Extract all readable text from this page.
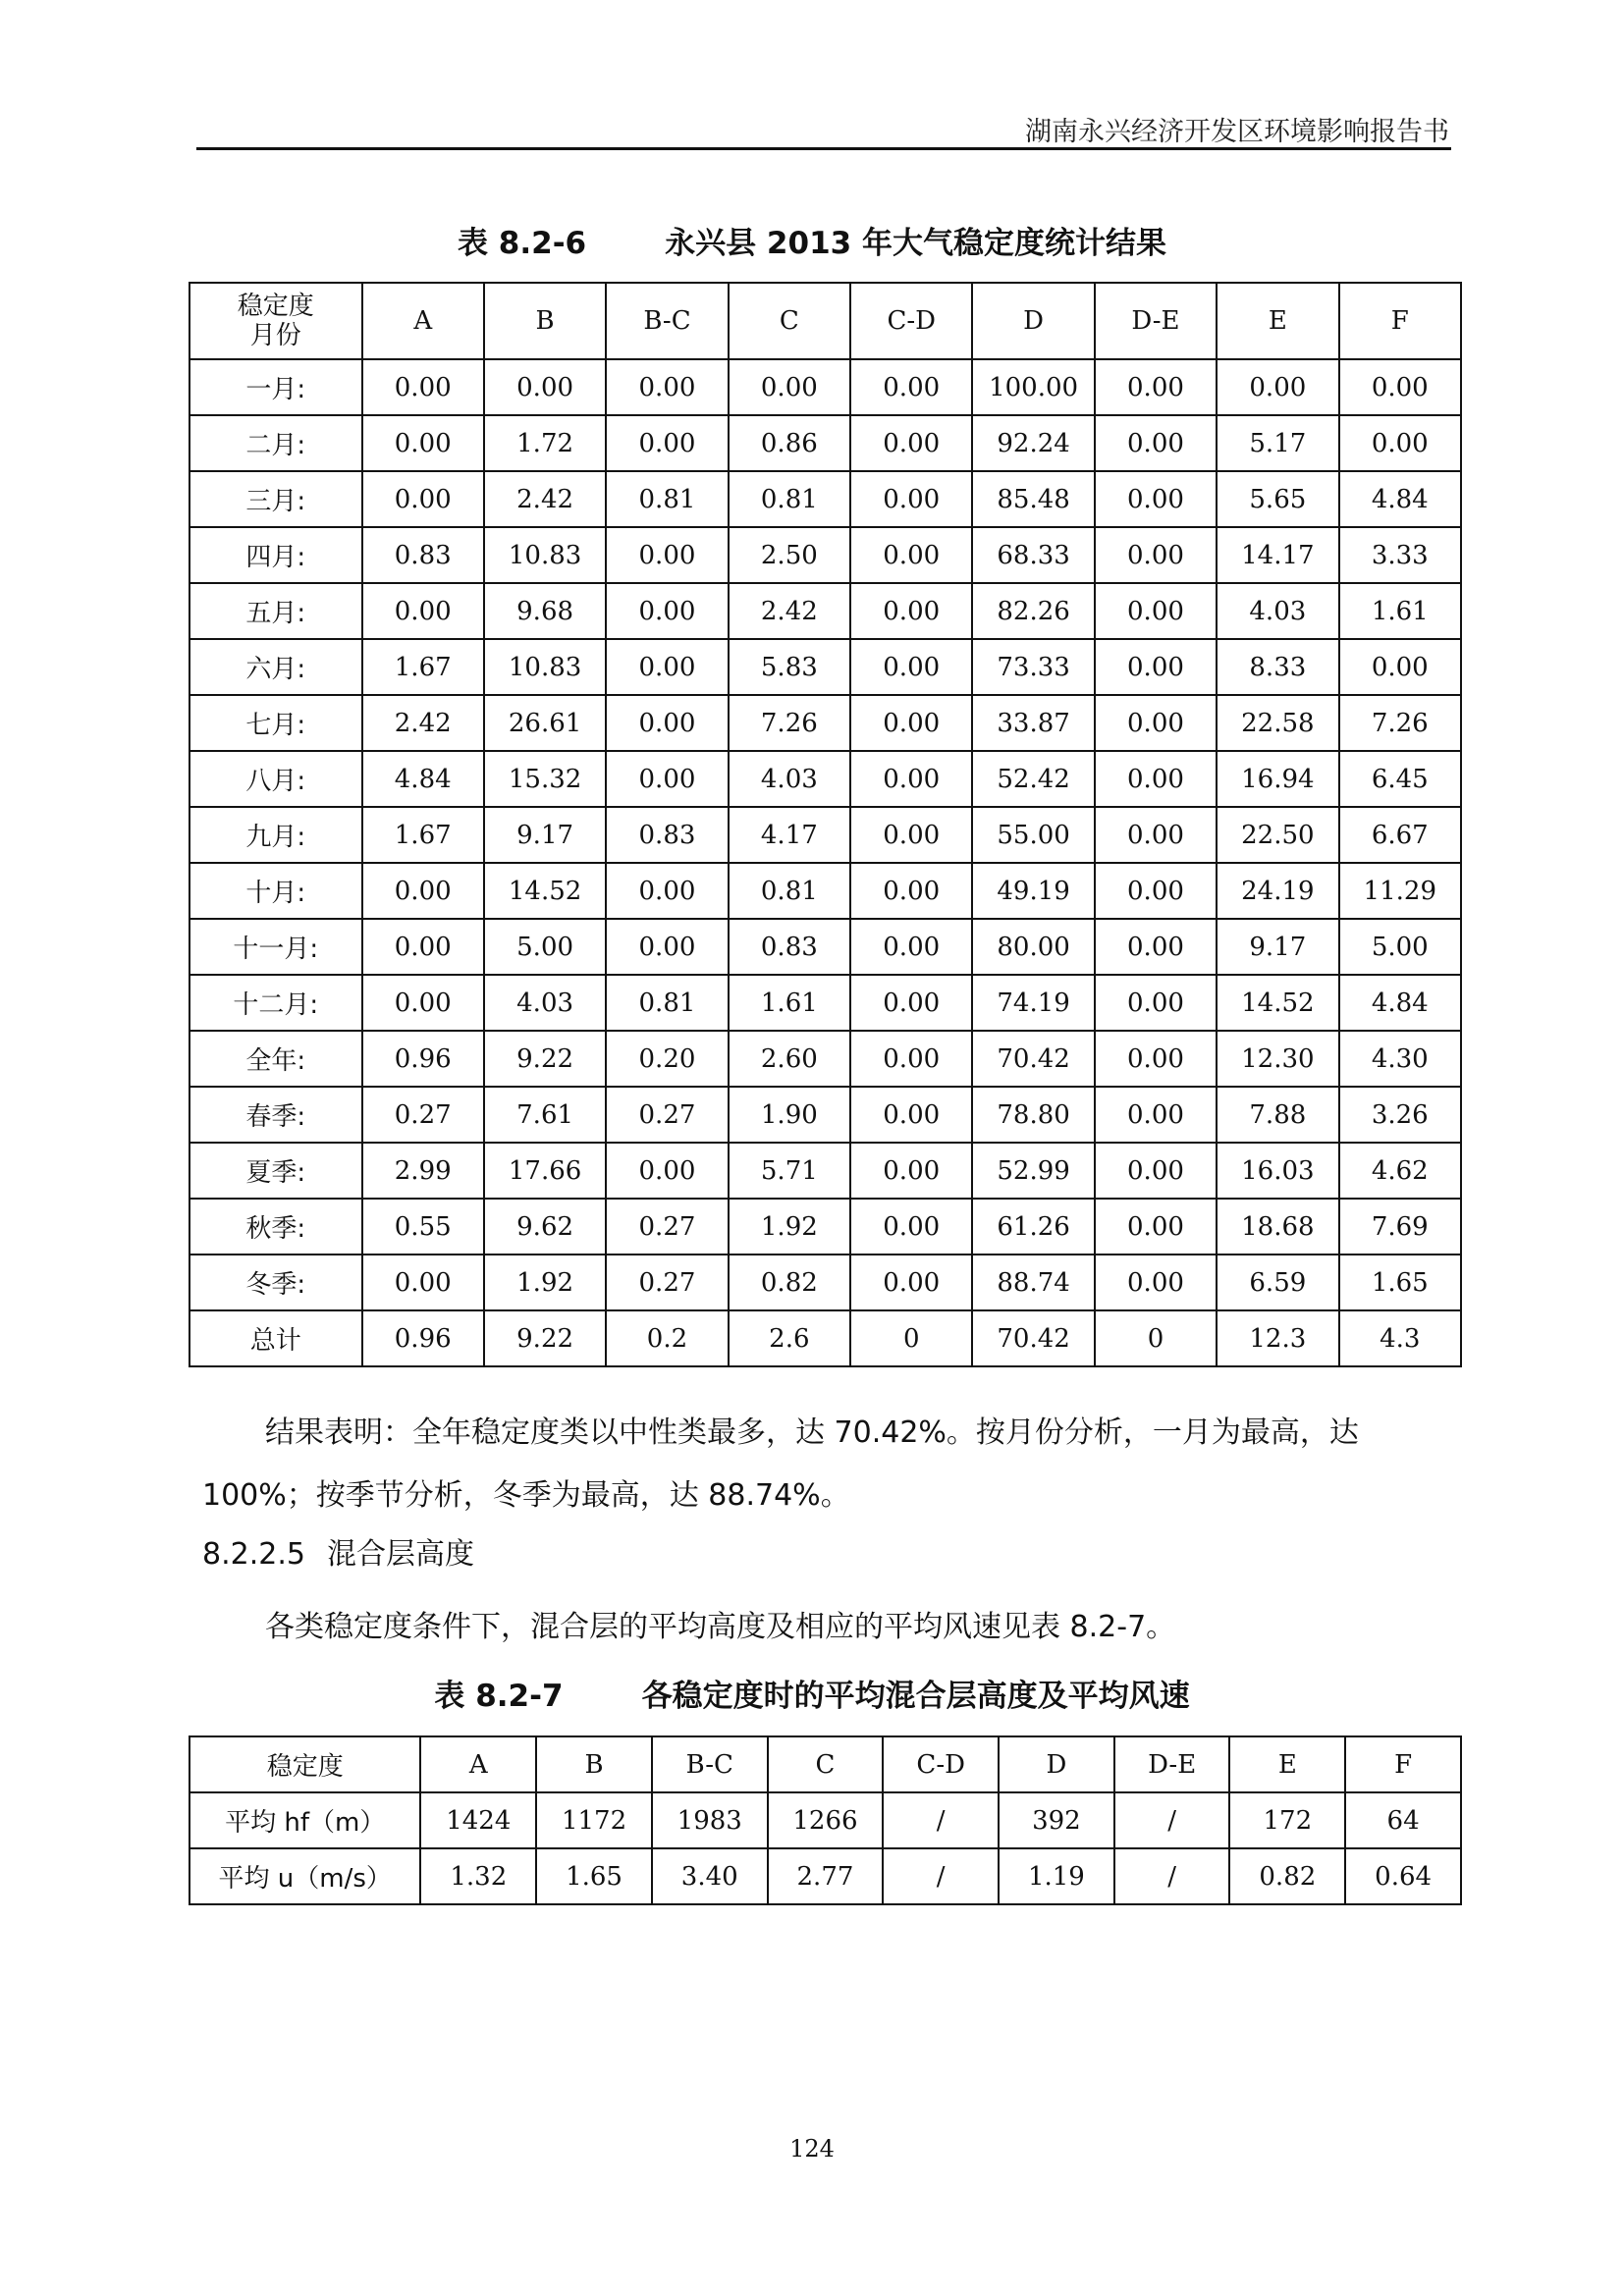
湖南永兴经济开发区环境影响报告书
表 8.2-6	永兴县 2013 年大气稳定度统计结果
稳定度
月份	A	B	B-C	C	C-D	D	D-E	E	F
一月:	0.00	0.00	0.00	0.00	0.00	100.00	0.00	0.00	0.00
二月:	0.00	1.72	0.00	0.86	0.00	92.24	0.00	5.17	0.00
三月:	0.00	2.42	0.81	0.81	0.00	85.48	0.00	5.65	4.84
四月:	0.83	10.83	0.00	2.50	0.00	68.33	0.00	14.17	3.33
五月:	0.00	9.68	0.00	2.42	0.00	82.26	0.00	4.03	1.61
六月:	1.67	10.83	0.00	5.83	0.00	73.33	0.00	8.33	0.00
七月:	2.42	26.61	0.00	7.26	0.00	33.87	0.00	22.58	7.26
八月:	4.84	15.32	0.00	4.03	0.00	52.42	0.00	16.94	6.45
九月:	1.67	9.17	0.83	4.17	0.00	55.00	0.00	22.50	6.67
十月:	0.00	14.52	0.00	0.81	0.00	49.19	0.00	24.19	11.29
十一月:	0.00	5.00	0.00	0.83	0.00	80.00	0.00	9.17	5.00
十二月:	0.00	4.03	0.81	1.61	0.00	74.19	0.00	14.52	4.84
全年:	0.96	9.22	0.20	2.60	0.00	70.42	0.00	12.30	4.30
春季:	0.27	7.61	0.27	1.90	0.00	78.80	0.00	7.88	3.26
夏季:	2.99	17.66	0.00	5.71	0.00	52.99	0.00	16.03	4.62
秋季:	0.55	9.62	0.27	1.92	0.00	61.26	0.00	18.68	7.69
冬季:	0.00	1.92	0.27	0.82	0.00	88.74	0.00	6.59	1.65
总计	0.96	9.22	0.2	2.6	0	70.42	0	12.3	4.3
结果表明：全年稳定度类以中性类最多，达 70.42%。按月份分析，一月为最高，达 100%；按季节分析，冬季为最高，达 88.74%。
8.2.2.5 混合层高度
各类稳定度条件下，混合层的平均高度及相应的平均风速见表 8.2-7。
表 8.2-7	各稳定度时的平均混合层高度及平均风速
稳定度	A	B	B-C	C	C-D	D	D-E	E	F
平均 hf（m）	1424	1172	1983	1266	/	392	/	172	64
平均 u（m/s）	1.32	1.65	3.40	2.77	/	1.19	/	0.82	0.64
124
